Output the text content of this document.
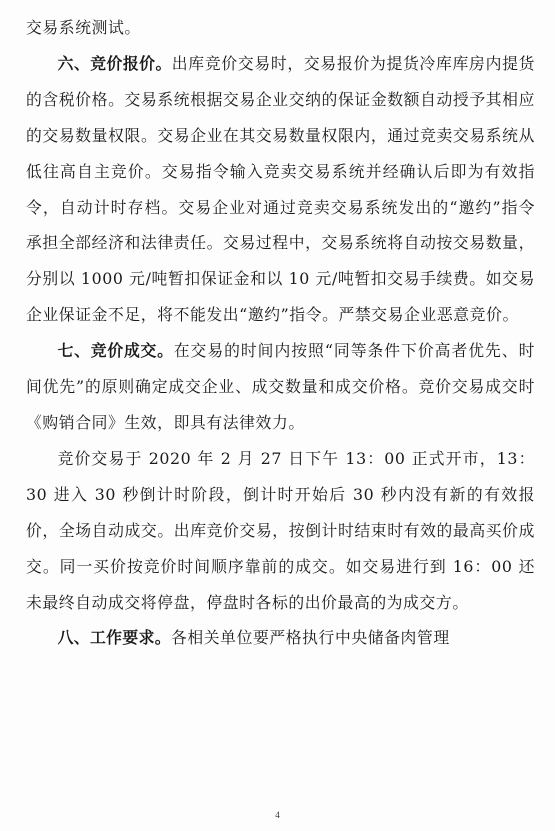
交易系统测试。

六、竞价报价。出库竞价交易时，交易报价为提货冷库库房内提货的含税价格。交易系统根据交易企业交纳的保证金数额自动授予其相应的交易数量权限。交易企业在其交易数量权限内，通过竞卖交易系统从低往高自主竞价。交易指令输入竞卖交易系统并经确认后即为有效指令，自动计时存档。交易企业对通过竞卖交易系统发出的“邀约”指令承担全部经济和法律责任。交易过程中，交易系统将自动按交易数量，分别以 1000 元/吨暂扣保证金和以 10 元/吨暂扣交易手续费。如交易企业保证金不足，将不能发出“邀约”指令。严禁交易企业恶意竞价。

七、竞价成交。在交易的时间内按照“同等条件下价高者优先、时间优先”的原则确定成交企业、成交数量和成交价格。竞价交易成交时《购销合同》生效，即具有法律效力。

竞价交易于 2020 年 2 月 27 日下午 13：00 正式开市，13：30 进入 30 秒倒计时阶段，倒计时开始后 30 秒内没有新的有效报价，全场自动成交。出库竞价交易，按倒计时结束时有效的最高买价成交。同一买价按竞价时间顺序靠前的成交。如交易进行到 16：00 还未最终自动成交将停盘，停盘时各标的出价最高的为成交方。

八、工作要求。各相关单位要严格执行中央储备肉管理

4
